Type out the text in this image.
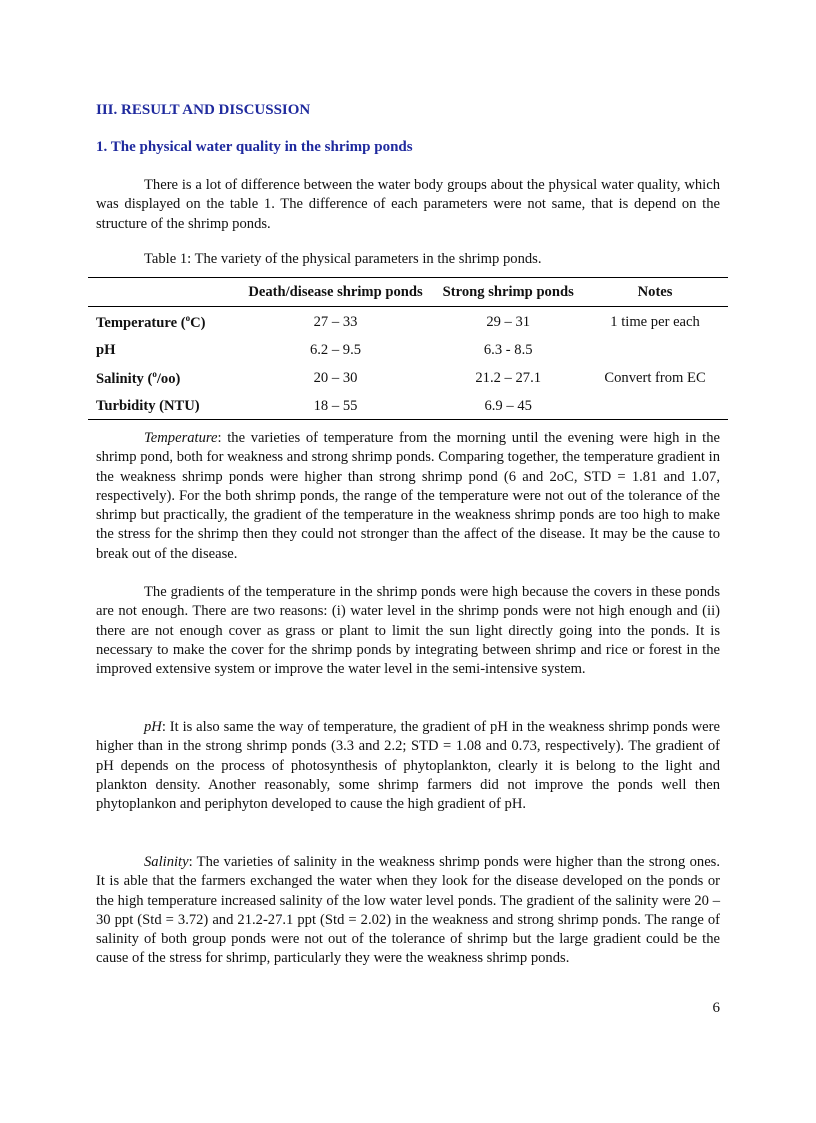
III. RESULT AND DISCUSSION
1. The physical water quality in the shrimp ponds

There is a lot of difference between the water body groups about the physical water quality, which was displayed on the table 1. The difference of each parameters were not same, that is depend on the structure of the shrimp ponds.

Table 1: The variety of the physical parameters in the shrimp ponds.
	Death/disease shrimp ponds	Strong shrimp ponds	Notes
Temperature ($^o$C)	27 – 33	29 – 31	1 time per each
pH	6.2 – 9.5	6.3 - 8.5	
Salinity ($^o$/oo)	20 – 30	21.2 – 27.1	Convert from EC
Turbidity (NTU)	18 – 55	6.9 – 45	

Temperature: the varieties of temperature from the morning until the evening were high in the shrimp pond, both for weakness and strong shrimp ponds. Comparing together, the temperature gradient in the weakness shrimp ponds were higher than strong shrimp pond (6 and 2oC, STD = 1.81 and 1.07, respectively). For the both shrimp ponds, the range of the temperature were not out of the tolerance of the shrimp but practically, the gradient of the temperature in the weakness shrimp ponds are too high to make the stress for the shrimp then they could not stronger than the affect of the disease. It may be the cause to break out of the disease.

The gradients of the temperature in the shrimp ponds were high because the covers in these ponds are not enough. There are two reasons: (i) water level in the shrimp ponds were not high enough and (ii) there are not enough cover as grass or plant to limit the sun light directly going into the ponds. It is necessary to make the cover for the shrimp ponds by integrating between shrimp and rice or forest in the improved extensive system or improve the water level in the semi-intensive system.

pH: It is also same the way of temperature, the gradient of pH in the weakness shrimp ponds were higher than in the strong shrimp ponds (3.3 and 2.2; STD = 1.08 and 0.73, respectively). The gradient of pH depends on the process of photosynthesis of phytoplankton, clearly it is belong to the light and plankton density. Another reasonably, some shrimp farmers did not improve the ponds well then phytoplankon and periphyton developed to cause the high gradient of pH.

Salinity: The varieties of salinity in the weakness shrimp ponds were higher than the strong ones. It is able that the farmers exchanged the water when they look for the disease developed on the ponds or the high temperature increased salinity of the low water level ponds. The gradient of the salinity were 20 – 30 ppt (Std = 3.72) and 21.2-27.1 ppt (Std = 2.02) in the weakness and strong shrimp ponds. The range of salinity of both group ponds were not out of the tolerance of shrimp but the large gradient could be the cause of the stress for shrimp, particularly they were the weakness shrimp ponds.

6
